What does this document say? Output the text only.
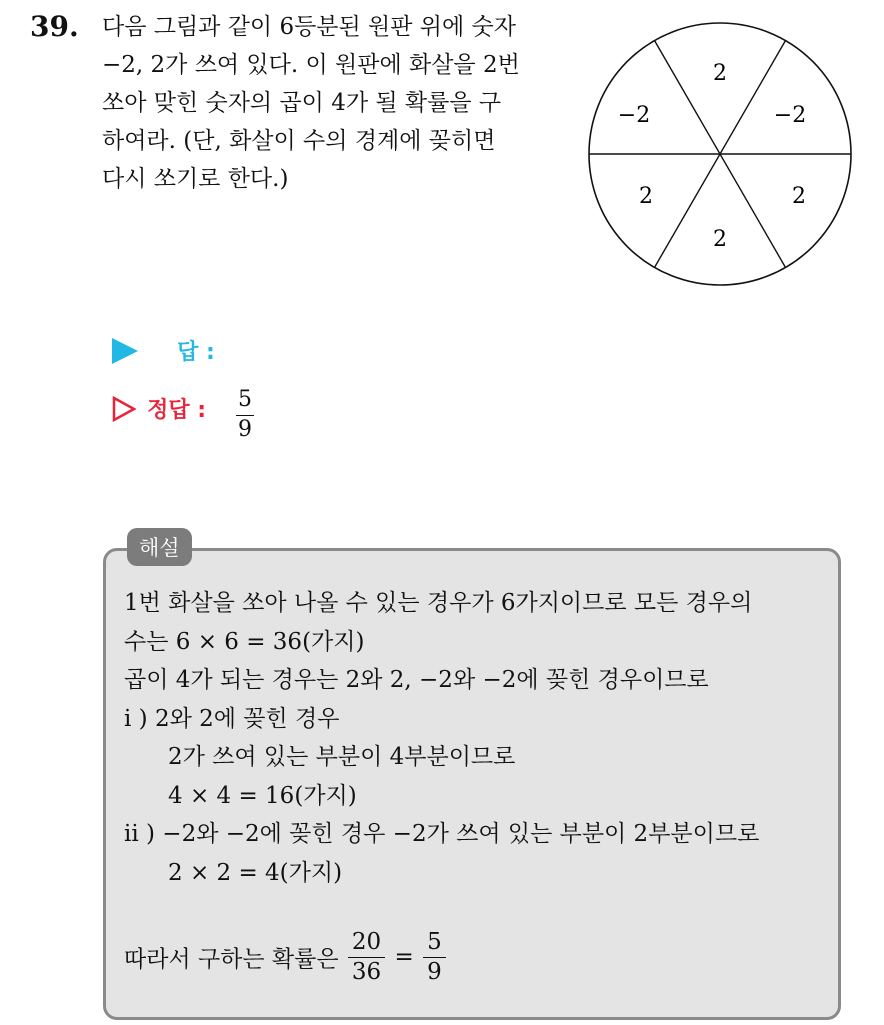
39. 다음 그림과 같이 6등분된 원판 위에 숫자
−2, 2가 쓰여 있다. 이 원판에 화살을 2번
쏘아 맞힌 숫자의 곱이 4가 될 확률을 구
하여라. (단, 화살이 수의 경계에 꽂히면
다시 쏘기로 한다.)
2
−2
2
2
2
−2
답 :
정답 : 5
9
해설
1번 화살을 쏘아 나올 수 있는 경우가 6가지이므로 모든 경우의
수는 6 × 6 = 36(가지)
곱이 4가 되는 경우는 2와 2, −2와 −2에 꽂힌 경우이므로
i ) 2와 2에 꽂힌 경우
2가 쓰여 있는 부분이 4부분이므로
4 × 4 = 16(가지)
ii ) −2와 −2에 꽂힌 경우 −2가 쓰여 있는 부분이 2부분이므로
2 × 2 = 4(가지)
따라서 구하는 확률은 $\frac{20}{36} = \frac{5}{9}$
